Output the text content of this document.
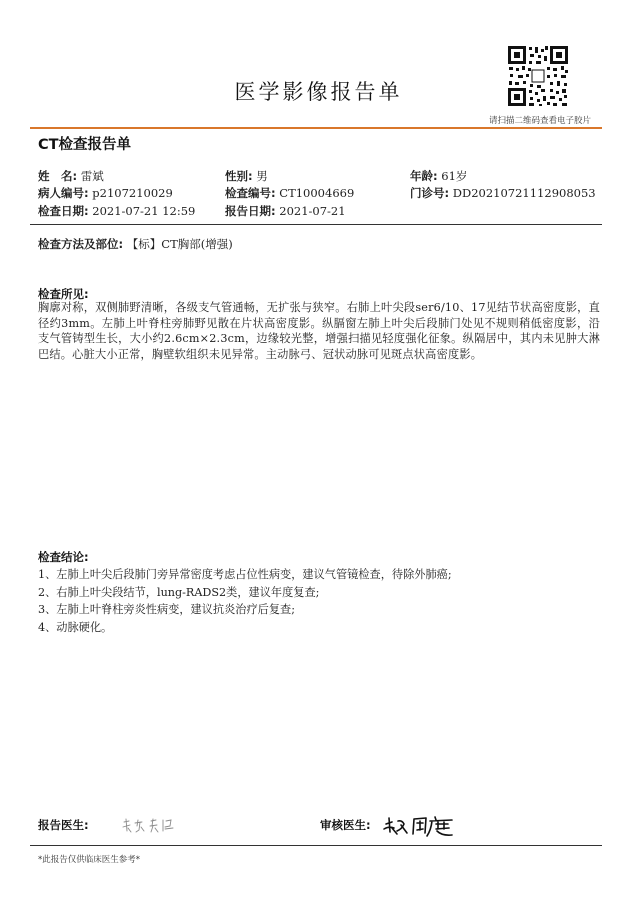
医学影像报告单
请扫描二维码查看电子胶片
CT检查报告单
姓　名: 雷斌	性别: 男	年龄: 61岁
病人编号: p2107210029	检查编号: CT10004669	门诊号: DD20210721112908053
检查日期: 2021-07-21 12:59	报告日期: 2021-07-21
检查方法及部位: 【标】CT胸部(增强)
检查所见:
胸廓对称，双侧肺野清晰，各级支气管通畅，无扩张与狭窄。右肺上叶尖段ser6/10、17见结节状高密度影，直径约3mm。左肺上叶脊柱旁肺野见散在片状高密度影。纵膈窗左肺上叶尖后段肺门处见不规则稍低密度影，沿支气管铸型生长，大小约2.6cm×2.3cm，边缘较光整，增强扫描见轻度强化征象。纵隔居中，其内未见肿大淋巴结。心脏大小正常，胸壁软组织未见异常。主动脉弓、冠状动脉可见斑点状高密度影。
检查结论:
1、左肺上叶尖后段肺门旁异常密度考虑占位性病变，建议气管镜检查，待除外肺癌;
2、右肺上叶尖段结节，lung-RADS2类，建议年度复查;
3、左肺上叶脊柱旁炎性病变，建议抗炎治疗后复查;
4、动脉硬化。
报告医生:	审核医生:
*此报告仅供临床医生参考*
